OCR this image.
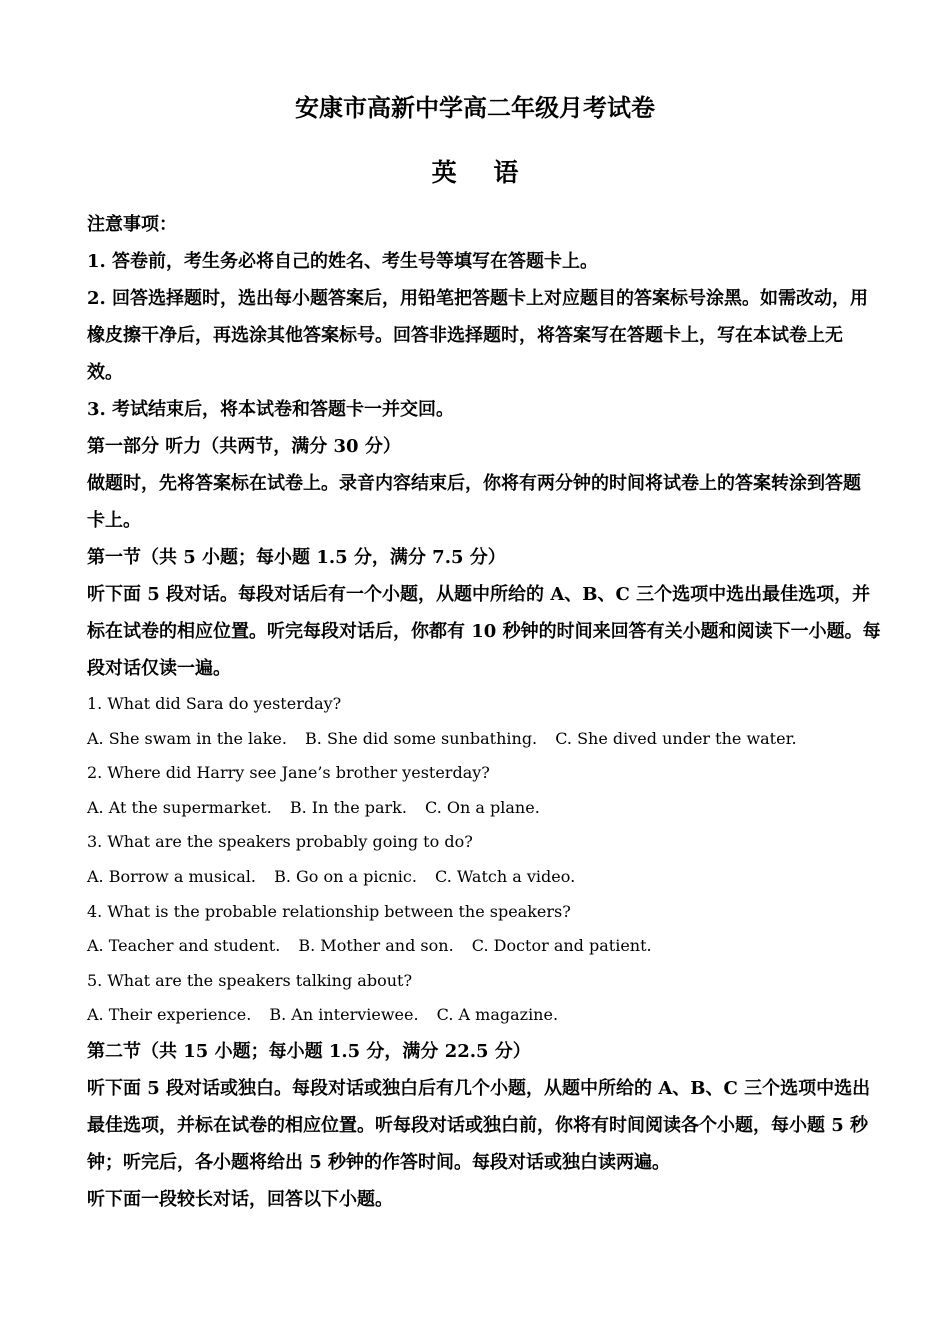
安康市高新中学高二年级月考试卷
英 语

注意事项：

1. 答卷前，考生务必将自己的姓名、考生号等填写在答题卡上。

2. 回答选择题时，选出每小题答案后，用铅笔把答题卡上对应题目的答案标号涂黑。如需改动，用橡皮擦干净后，再选涂其他答案标号。回答非选择题时，将答案写在答题卡上，写在本试卷上无效。

3. 考试结束后，将本试卷和答题卡一并交回。

第一部分 听力（共两节，满分 30 分）

做题时，先将答案标在试卷上。录音内容结束后，你将有两分钟的时间将试卷上的答案转涂到答题卡上。

第一节（共 5 小题；每小题 1.5 分，满分 7.5 分）

听下面 5 段对话。每段对话后有一个小题，从题中所给的 A、B、C 三个选项中选出最佳选项，并标在试卷的相应位置。听完每段对话后，你都有 10 秒钟的时间来回答有关小题和阅读下一小题。每段对话仅读一遍。

1. What did Sara do yesterday?

A. She swam in the lake. B. She did some sunbathing. C. She dived under the water.

2. Where did Harry see Jane’s brother yesterday?

A. At the supermarket. B. In the park. C. On a plane.

3. What are the speakers probably going to do?

A. Borrow a musical. B. Go on a picnic. C. Watch a video.

4. What is the probable relationship between the speakers?

A. Teacher and student. B. Mother and son. C. Doctor and patient.

5. What are the speakers talking about?

A. Their experience. B. An interviewee. C. A magazine.

第二节（共 15 小题；每小题 1.5 分，满分 22.5 分）

听下面 5 段对话或独白。每段对话或独白后有几个小题，从题中所给的 A、B、C 三个选项中选出最佳选项，并标在试卷的相应位置。听每段对话或独白前，你将有时间阅读各个小题，每小题 5 秒钟；听完后，各小题将给出 5 秒钟的作答时间。每段对话或独白读两遍。

听下面一段较长对话，回答以下小题。
